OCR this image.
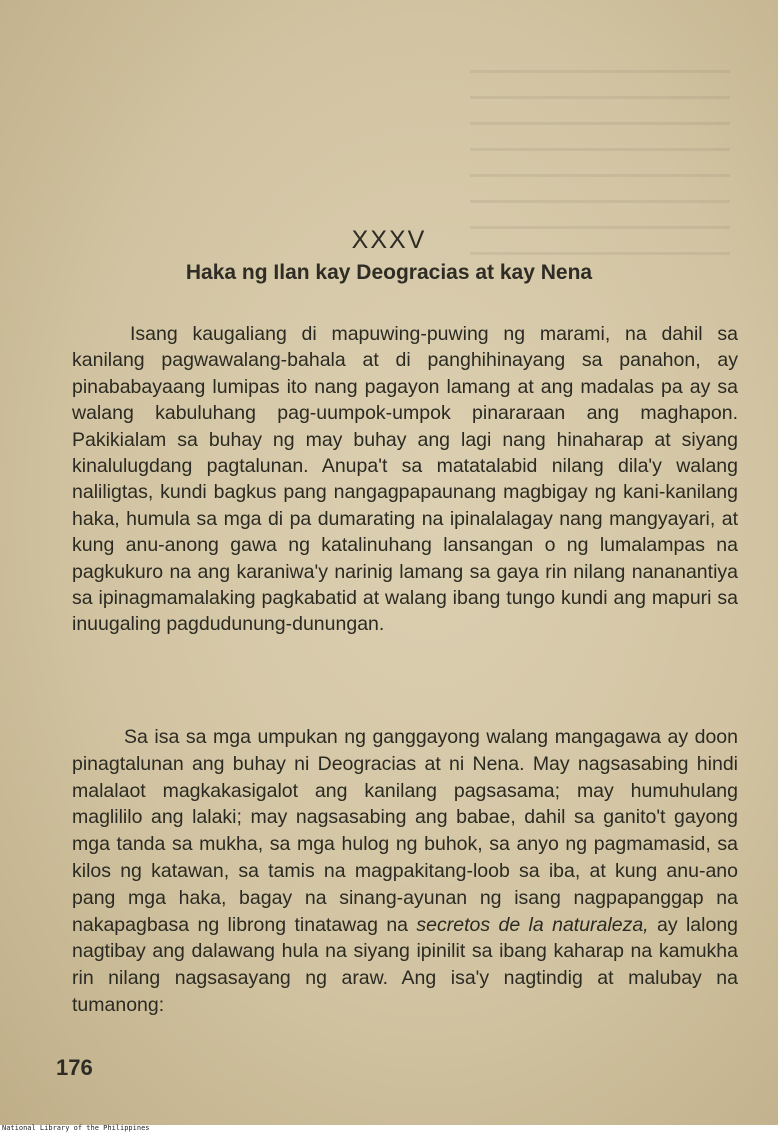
XXXV
Haka ng Ilan kay Deogracias at kay Nena

Isang kaugaliang di mapuwing-puwing ng marami, na dahil sa kanilang pagwawalang-bahala at di panghihinayang sa panahon, ay pinababayaang lumipas ito nang pagayon lamang at ang madalas pa ay sa walang kabuluhang pag-uumpok-umpok pinararaan ang maghapon. Pakikialam sa buhay ng may buhay ang lagi nang hinaharap at siyang kinalulugdang pagtalunan. Anupa't sa matatalabid nilang dila'y walang naliligtas, kundi bagkus pang nangagpapaunang magbigay ng kani-kanilang haka, humula sa mga di pa dumarating na ipinalalagay nang mangyayari, at kung anu-anong gawa ng katalinuhang lansangan o ng lumalampas na pagkukuro na ang karaniwa'y narinig lamang sa gaya rin nilang nananantiya sa ipinagmamalaking pagkabatid at walang ibang tungo kundi ang mapuri sa inuugaling pagdudunung-dunungan.

Sa isa sa mga umpukan ng ganggayong walang mangagawa ay doon pinagtalunan ang buhay ni Deogracias at ni Nena. May nagsasabing hindi malalaot magkakasigalot ang kanilang pagsasama; may humuhulang maglililo ang lalaki; may nagsasabing ang babae, dahil sa ganito't gayong mga tanda sa mukha, sa mga hulog ng buhok, sa anyo ng pagmamasid, sa kilos ng katawan, sa tamis na magpakitang-loob sa iba, at kung anu-ano pang mga haka, bagay na sinang-ayunan ng isang nagpapanggap na nakapagbasa ng librong tinatawag na secretos de la naturaleza, ay lalong nagtibay ang dalawang hula na siyang ipinilit sa ibang kaharap na kamukha rin nilang nagsasayang ng araw. Ang isa'y nagtindig at malubay na tumanong:

176
National Library of the Philippines
